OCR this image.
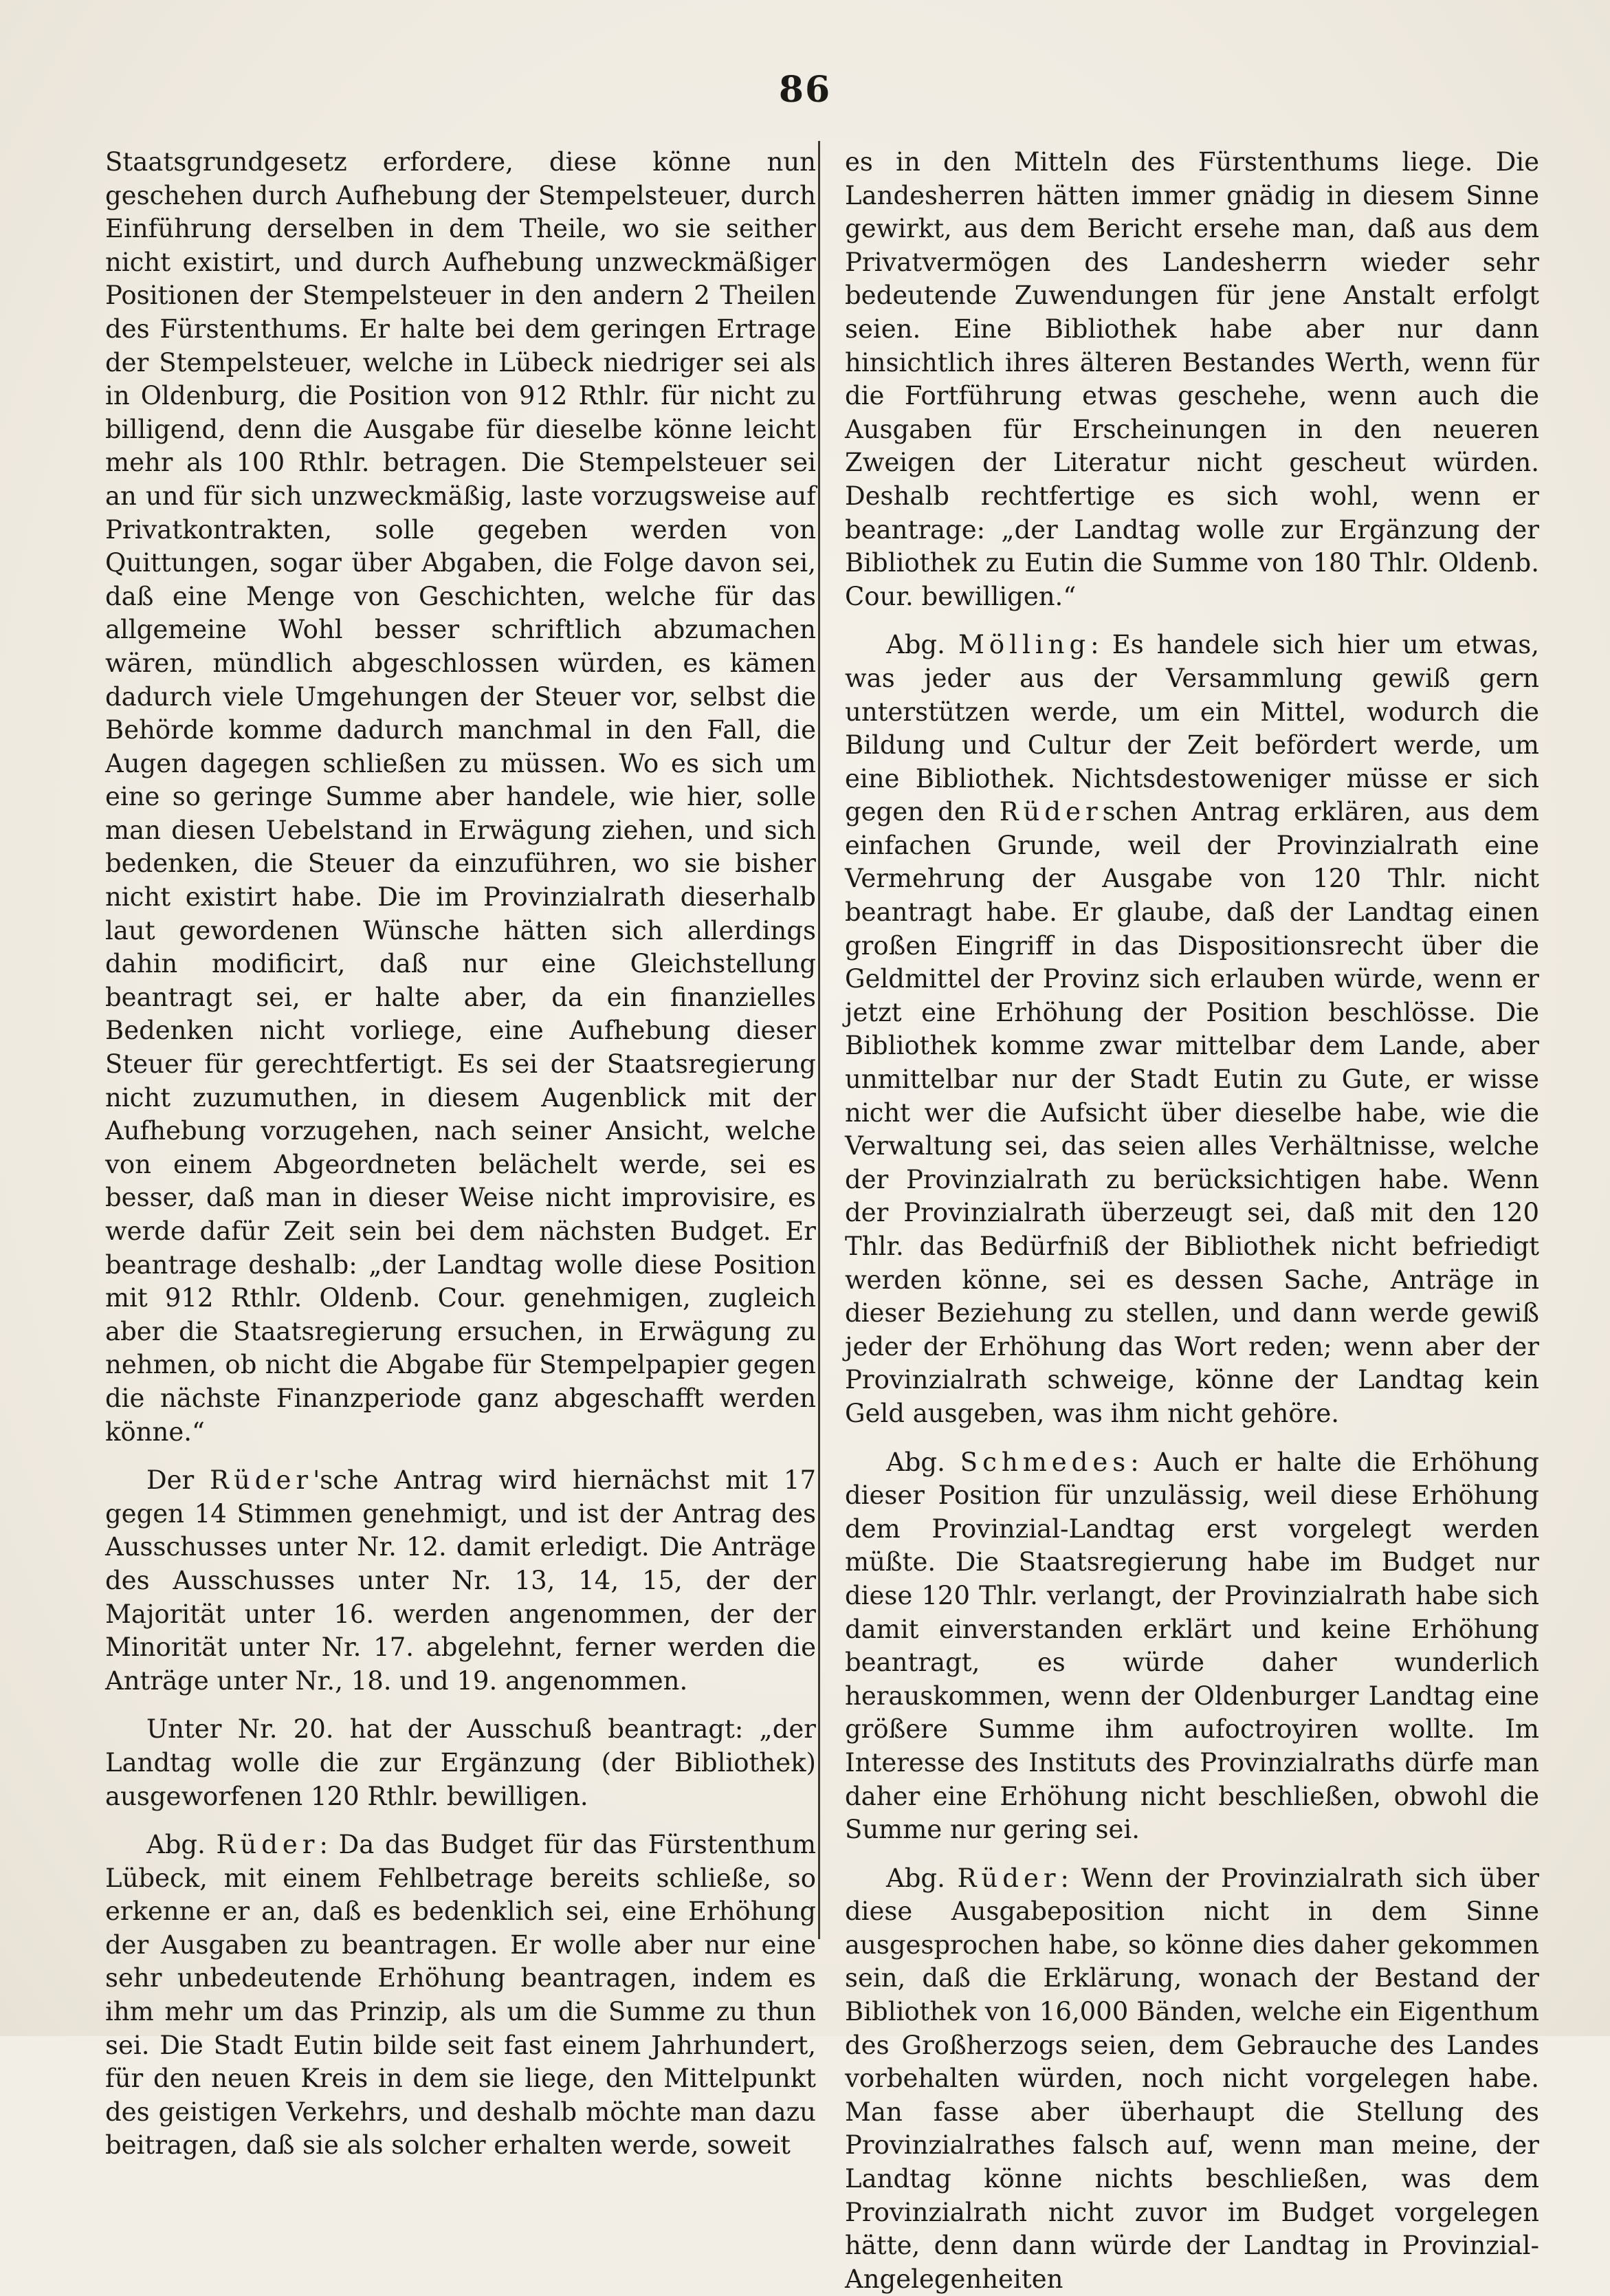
86

Staatsgrundgesetz erfordere, diese könne nun geschehen durch Aufhebung der Stempelsteuer, durch Einführung derselben in dem Theile, wo sie seither nicht existirt, und durch Aufhebung unzweckmäßiger Positionen der Stempelsteuer in den andern 2 Theilen des Fürstenthums. Er halte bei dem geringen Ertrage der Stempelsteuer, welche in Lübeck niedriger sei als in Oldenburg, die Position von 912 Rthlr. für nicht zu billigend, denn die Ausgabe für dieselbe könne leicht mehr als 100 Rthlr. betragen. Die Stempelsteuer sei an und für sich unzweckmäßig, laste vorzugsweise auf Privatkontrakten, solle gegeben werden von Quittungen, sogar über Abgaben, die Folge davon sei, daß eine Menge von Geschichten, welche für das allgemeine Wohl besser schriftlich abzumachen wären, mündlich abgeschlossen würden, es kämen dadurch viele Umgehungen der Steuer vor, selbst die Behörde komme dadurch manchmal in den Fall, die Augen dagegen schließen zu müssen. Wo es sich um eine so geringe Summe aber handele, wie hier, solle man diesen Uebelstand in Erwägung ziehen, und sich bedenken, die Steuer da einzuführen, wo sie bisher nicht existirt habe. Die im Provinzialrath dieserhalb laut gewordenen Wünsche hätten sich allerdings dahin modificirt, daß nur eine Gleichstellung beantragt sei, er halte aber, da ein finanzielles Bedenken nicht vorliege, eine Aufhebung dieser Steuer für gerechtfertigt. Es sei der Staatsregierung nicht zuzumuthen, in diesem Augenblick mit der Aufhebung vorzugehen, nach seiner Ansicht, welche von einem Abgeordneten belächelt werde, sei es besser, daß man in dieser Weise nicht improvisire, es werde dafür Zeit sein bei dem nächsten Budget. Er beantrage deshalb: „der Landtag wolle diese Position mit 912 Rthlr. Oldenb. Cour. genehmigen, zugleich aber die Staatsregierung ersuchen, in Erwägung zu nehmen, ob nicht die Abgabe für Stempelpapier gegen die nächste Finanzperiode ganz abgeschafft werden könne.“

Der Rüder'sche Antrag wird hiernächst mit 17 gegen 14 Stimmen genehmigt, und ist der Antrag des Ausschusses unter Nr. 12. damit erledigt. Die Anträge des Ausschusses unter Nr. 13, 14, 15, der der Majorität unter 16. werden angenommen, der der Minorität unter Nr. 17. abgelehnt, ferner werden die Anträge unter Nr., 18. und 19. angenommen.

Unter Nr. 20. hat der Ausschuß beantragt: „der Landtag wolle die zur Ergänzung (der Bibliothek) ausgeworfenen 120 Rthlr. bewilligen.

Abg. Rüder: Da das Budget für das Fürstenthum Lübeck, mit einem Fehlbetrage bereits schließe, so erkenne er an, daß es bedenklich sei, eine Erhöhung der Ausgaben zu beantragen. Er wolle aber nur eine sehr unbedeutende Erhöhung beantragen, indem es ihm mehr um das Prinzip, als um die Summe zu thun sei. Die Stadt Eutin bilde seit fast einem Jahrhundert, für den neuen Kreis in dem sie liege, den Mittelpunkt des geistigen Verkehrs, und deshalb möchte man dazu beitragen, daß sie als solcher erhalten werde, soweit

es in den Mitteln des Fürstenthums liege. Die Landesherren hätten immer gnädig in diesem Sinne gewirkt, aus dem Bericht ersehe man, daß aus dem Privatvermögen des Landesherrn wieder sehr bedeutende Zuwendungen für jene Anstalt erfolgt seien. Eine Bibliothek habe aber nur dann hinsichtlich ihres älteren Bestandes Werth, wenn für die Fortführung etwas geschehe, wenn auch die Ausgaben für Erscheinungen in den neueren Zweigen der Literatur nicht gescheut würden. Deshalb rechtfertige es sich wohl, wenn er beantrage: „der Landtag wolle zur Ergänzung der Bibliothek zu Eutin die Summe von 180 Thlr. Oldenb. Cour. bewilligen.“

Abg. Mölling: Es handele sich hier um etwas, was jeder aus der Versammlung gewiß gern unterstützen werde, um ein Mittel, wodurch die Bildung und Cultur der Zeit befördert werde, um eine Bibliothek. Nichtsdestoweniger müsse er sich gegen den Rüderschen Antrag erklären, aus dem einfachen Grunde, weil der Provinzialrath eine Vermehrung der Ausgabe von 120 Thlr. nicht beantragt habe. Er glaube, daß der Landtag einen großen Eingriff in das Dispositionsrecht über die Geldmittel der Provinz sich erlauben würde, wenn er jetzt eine Erhöhung der Position beschlösse. Die Bibliothek komme zwar mittelbar dem Lande, aber unmittelbar nur der Stadt Eutin zu Gute, er wisse nicht wer die Aufsicht über dieselbe habe, wie die Verwaltung sei, das seien alles Verhältnisse, welche der Provinzialrath zu berücksichtigen habe. Wenn der Provinzialrath überzeugt sei, daß mit den 120 Thlr. das Bedürfniß der Bibliothek nicht befriedigt werden könne, sei es dessen Sache, Anträge in dieser Beziehung zu stellen, und dann werde gewiß jeder der Erhöhung das Wort reden; wenn aber der Provinzialrath schweige, könne der Landtag kein Geld ausgeben, was ihm nicht gehöre.

Abg. Schmedes: Auch er halte die Erhöhung dieser Position für unzulässig, weil diese Erhöhung dem Provinzial-Landtag erst vorgelegt werden müßte. Die Staatsregierung habe im Budget nur diese 120 Thlr. verlangt, der Provinzialrath habe sich damit einverstanden erklärt und keine Erhöhung beantragt, es würde daher wunderlich herauskommen, wenn der Oldenburger Landtag eine größere Summe ihm aufoctroyiren wollte. Im Interesse des Instituts des Provinzialraths dürfe man daher eine Erhöhung nicht beschließen, obwohl die Summe nur gering sei.

Abg. Rüder: Wenn der Provinzialrath sich über diese Ausgabeposition nicht in dem Sinne ausgesprochen habe, so könne dies daher gekommen sein, daß die Erklärung, wonach der Bestand der Bibliothek von 16,000 Bänden, welche ein Eigenthum des Großherzogs seien, dem Gebrauche des Landes vorbehalten würden, noch nicht vorgelegen habe. Man fasse aber überhaupt die Stellung des Provinzialrathes falsch auf, wenn man meine, der Landtag könne nichts beschließen, was dem Provinzialrath nicht zuvor im Budget vorgelegen hätte, denn dann würde der Landtag in Provinzial-Angelegenheiten
